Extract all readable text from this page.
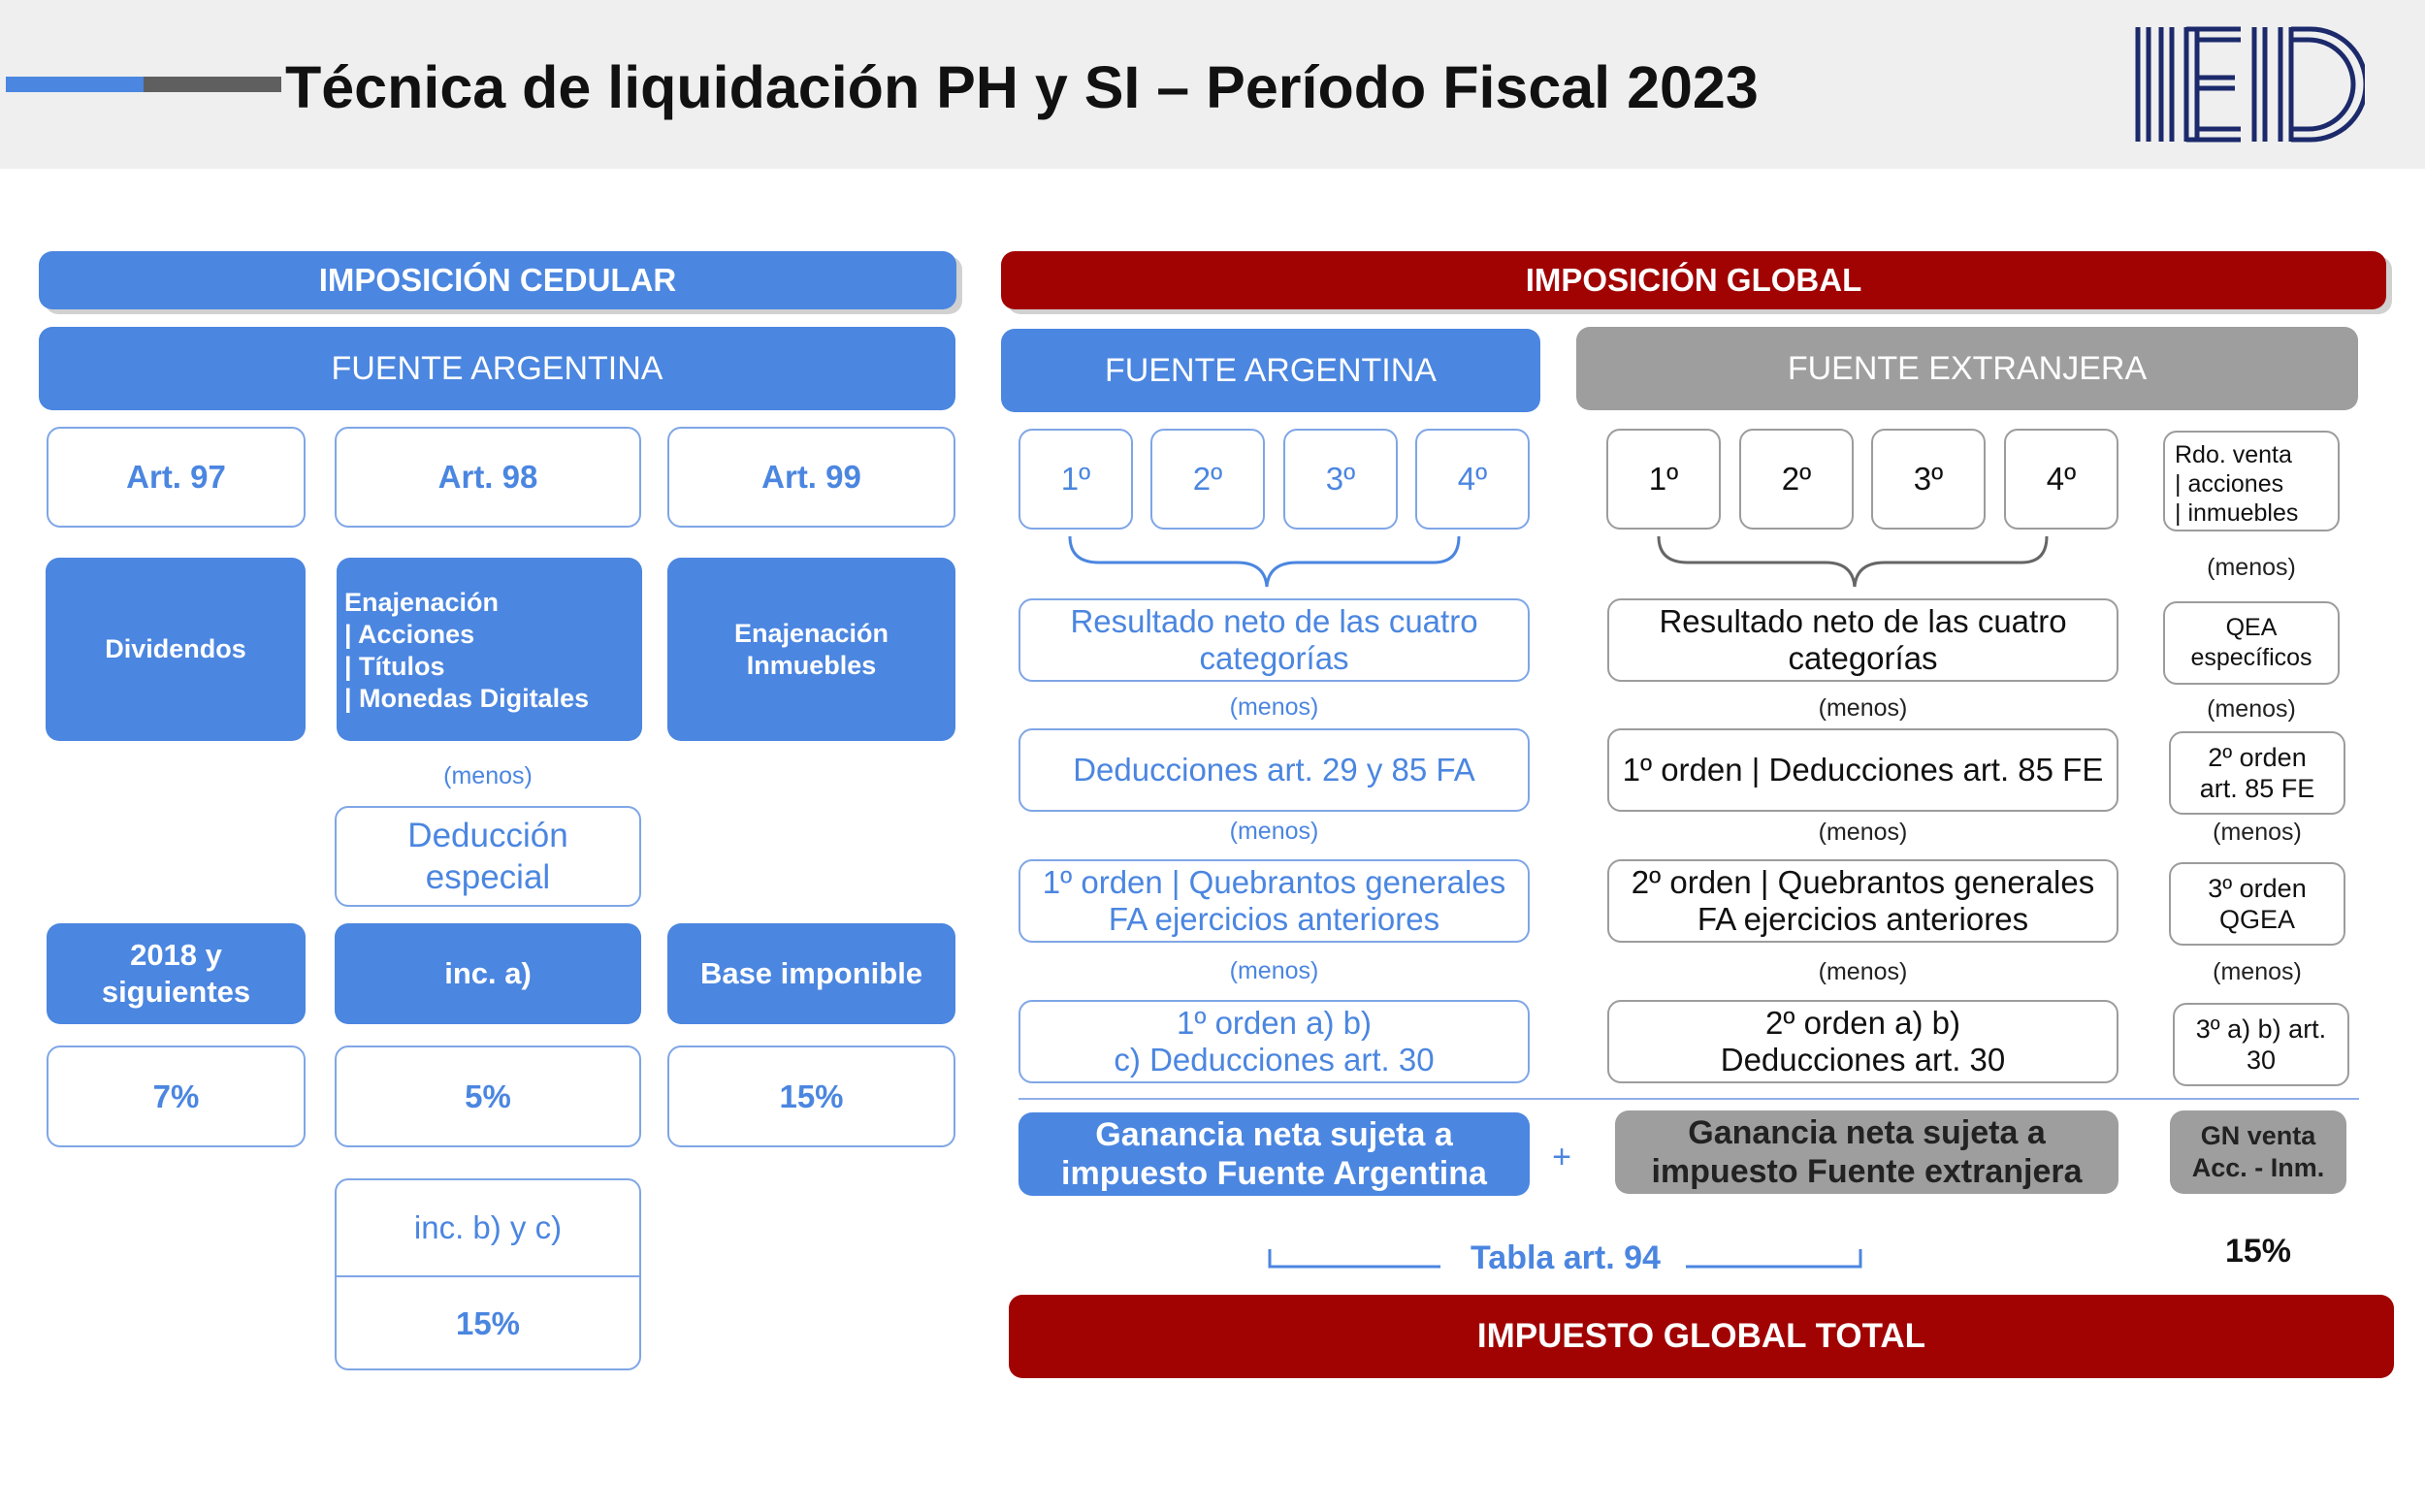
Técnica de liquidación PH y SI – Período Fiscal 2023
IMPOSICIÓN CEDULAR
FUENTE ARGENTINA
Art. 97	Art. 98	Art. 99
Dividendos
Enajenación
| Acciones
| Títulos
| Monedas Digitales
Enajenación
Inmuebles
(menos)
Deducción
especial
2018 y
siguientes
inc. a)	Base imponible
7%	5%	15%
inc. b) y c)
15%
IMPOSICIÓN GLOBAL
FUENTE ARGENTINA	FUENTE EXTRANJERA
1º	2º	3º	4º	1º	2º	3º	4º
Rdo. venta
| acciones
| inmuebles
(menos)
Resultado neto de las cuatro
categorías
Resultado neto de las cuatro
categorías
QEA
específicos
(menos)	(menos)	(menos)
Deducciones art. 29 y 85 FA	1º orden | Deducciones art. 85 FE	2º orden
art. 85 FE
(menos)	(menos)	(menos)
1º orden | Quebrantos generales
FA ejercicios anteriores
2º orden | Quebrantos generales
FA ejercicios anteriores
3º orden
QGEA
(menos)	(menos)	(menos)
1º orden a) b)
c) Deducciones art. 30
2º orden a) b)
Deducciones art. 30
3º a) b) art.
30
Ganancia neta sujeta a
impuesto Fuente Argentina +
Ganancia neta sujeta a
impuesto Fuente extranjera
GN venta
Acc. - Inm.
Tabla art. 94	15%
IMPUESTO GLOBAL TOTAL
